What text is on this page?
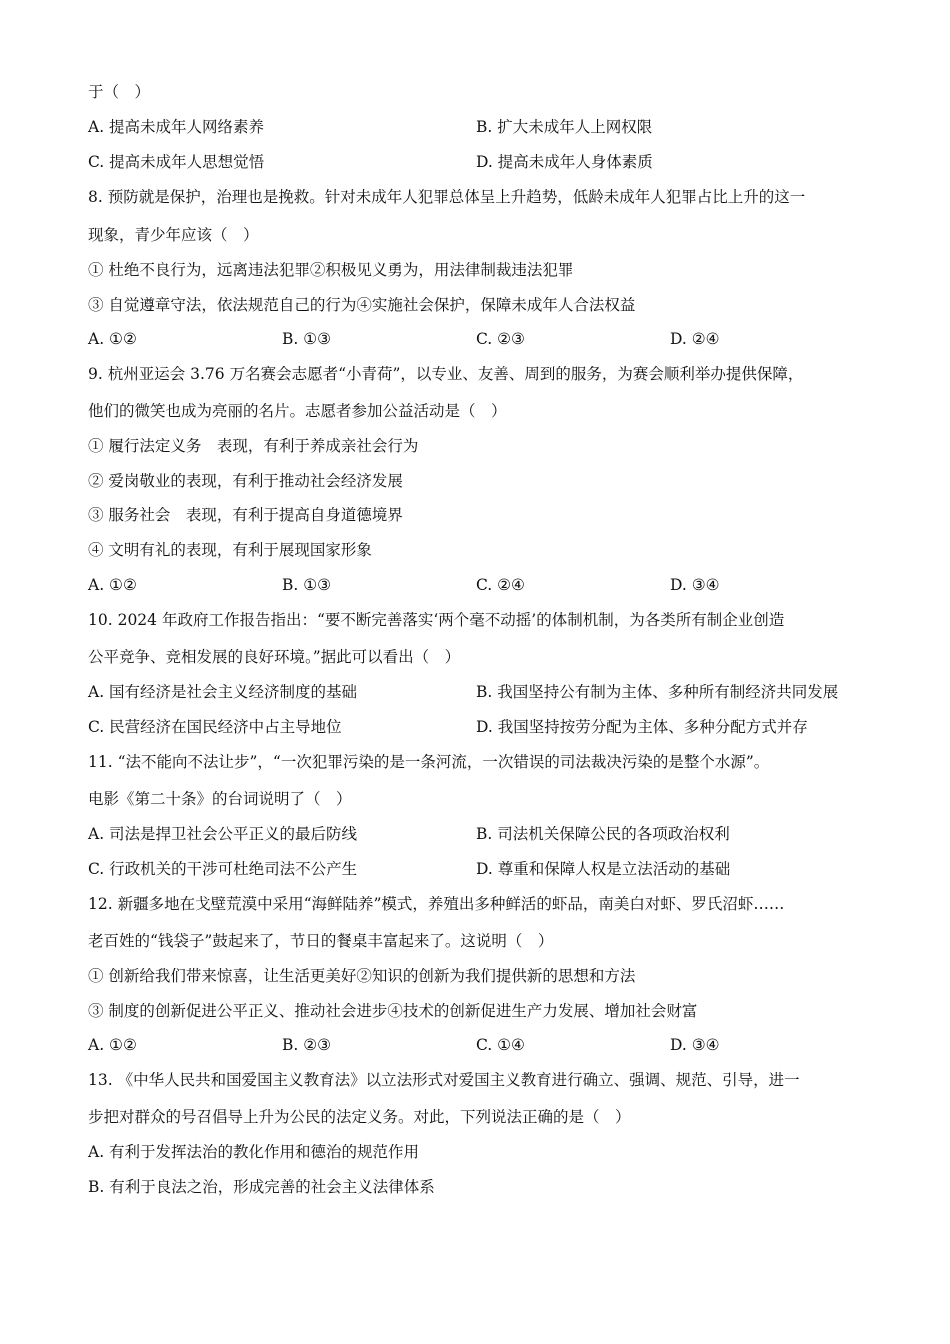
于（　）
A. 提高未成年人网络素养	B. 扩大未成年人上网权限
C. 提高未成年人思想觉悟	D. 提高未成年人身体素质
8. 预防就是保护，治理也是挽救。针对未成年人犯罪总体呈上升趋势，低龄未成年人犯罪占比上升的这一
现象，青少年应该（　）
① 杜绝不良行为，远离违法犯罪②积极见义勇为，用法律制裁违法犯罪
③ 自觉遵章守法，依法规范自己的行为④实施社会保护，保障未成年人合法权益
A. ①②	B. ①③	C. ②③	D. ②④
9. 杭州亚运会 3.76 万名赛会志愿者“小青荷”，以专业、友善、周到的服务，为赛会顺利举办提供保障，
他们的微笑也成为亮丽的名片。志愿者参加公益活动是（　）
① 履行法定义务　表现，有利于养成亲社会行为
② 爱岗敬业的表现，有利于推动社会经济发展
③ 服务社会　表现，有利于提高自身道德境界
④ 文明有礼的表现，有利于展现国家形象
A. ①②	B. ①③	C. ②④	D. ③④
10. 2024 年政府工作报告指出：“要不断完善落实‘两个毫不动摇’的体制机制，为各类所有制企业创造
公平竞争、竞相发展的良好环境。”据此可以看出（　）
A. 国有经济是社会主义经济制度的基础	B. 我国坚持公有制为主体、多种所有制经济共同发展
C. 民营经济在国民经济中占主导地位	D. 我国坚持按劳分配为主体、多种分配方式并存
11. “法不能向不法让步”，“一次犯罪污染的是一条河流，一次错误的司法裁决污染的是整个水源”。
电影《第二十条》的台词说明了（　）
A. 司法是捍卫社会公平正义的最后防线	B. 司法机关保障公民的各项政治权利
C. 行政机关的干涉可杜绝司法不公产生	D. 尊重和保障人权是立法活动的基础
12. 新疆多地在戈壁荒漠中采用“海鲜陆养”模式，养殖出多种鲜活的虾品，南美白对虾、罗氏沼虾……
老百姓的“钱袋子”鼓起来了，节日的餐桌丰富起来了。这说明（　）
① 创新给我们带来惊喜，让生活更美好②知识的创新为我们提供新的思想和方法
③ 制度的创新促进公平正义、推动社会进步④技术的创新促进生产力发展、增加社会财富
A. ①②	B. ②③	C. ①④	D. ③④
13. 《中华人民共和国爱国主义教育法》以立法形式对爱国主义教育进行确立、强调、规范、引导，进一
步把对群众的号召倡导上升为公民的法定义务。对此，下列说法正确的是（　）
A. 有利于发挥法治的教化作用和德治的规范作用
B. 有利于良法之治，形成完善的社会主义法律体系
